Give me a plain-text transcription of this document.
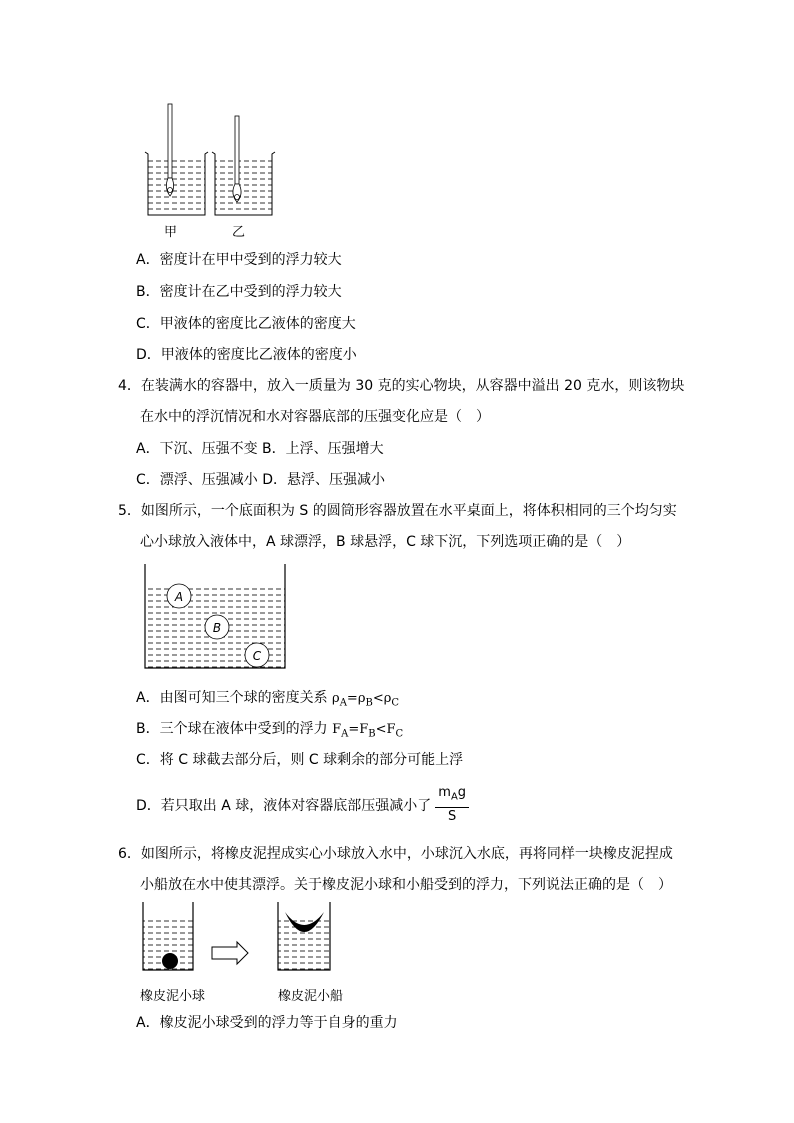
甲	乙
A．密度计在甲中受到的浮力较大
B．密度计在乙中受到的浮力较大
C．甲液体的密度比乙液体的密度大
D．甲液体的密度比乙液体的密度小
4．在装满水的容器中，放入一质量为 30 克的实心物块，从容器中溢出 20 克水，则该物块
在水中的浮沉情况和水对容器底部的压强变化应是（　）
A．下沉、压强不变 B．上浮、压强增大
C．漂浮、压强减小 D．悬浮、压强减小
5．如图所示，一个底面积为 S 的圆筒形容器放置在水平桌面上，将体积相同的三个均匀实
心小球放入液体中，A 球漂浮，B 球悬浮，C 球下沉，下列选项正确的是（　）
A
B
C
A．由图可知三个球的密度关系 $\rho_A=\rho_B<\rho_C$
B．三个球在液体中受到的浮力 $F_A=F_B<F_C$
C．将 C 球截去部分后，则 C 球剩余的部分可能上浮
D．若只取出 A 球，液体对容器底部压强减小了 $\frac{m_Ag}{S}$
6．如图所示，将橡皮泥捏成实心小球放入水中，小球沉入水底，再将同样一块橡皮泥捏成
小船放在水中使其漂浮。关于橡皮泥小球和小船受到的浮力，下列说法正确的是（　）
橡皮泥小球	橡皮泥小船
A．橡皮泥小球受到的浮力等于自身的重力
